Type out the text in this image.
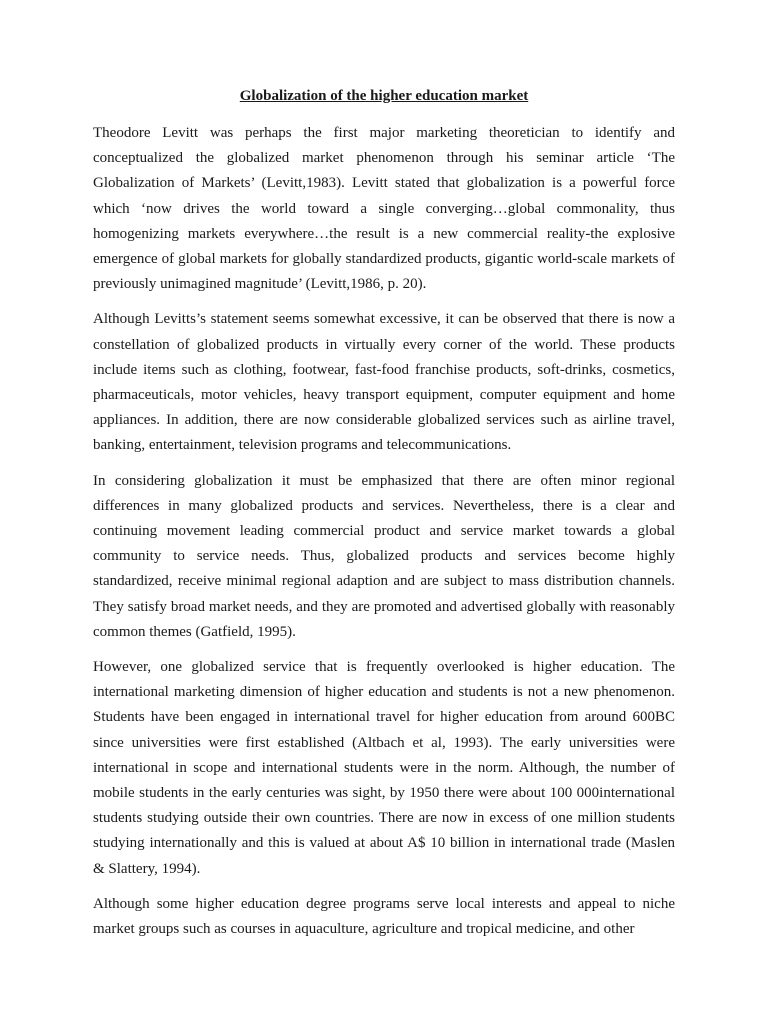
Globalization of the higher education market

Theodore Levitt was perhaps the first major marketing theoretician to identify and conceptualized the globalized market phenomenon through his seminar article ‘The Globalization of Markets’ (Levitt,1983). Levitt stated that globalization is a powerful force which ‘now drives the world toward a single converging…global commonality, thus homogenizing markets everywhere…the result is a new commercial reality-the explosive emergence of global markets for globally standardized products, gigantic world-scale markets of previously unimagined magnitude’ (Levitt,1986, p. 20).

Although Levitts’s statement seems somewhat excessive, it can be observed that there is now a constellation of globalized products in virtually every corner of the world. These products include items such as clothing, footwear, fast-food franchise products, soft-drinks, cosmetics, pharmaceuticals, motor vehicles, heavy transport equipment, computer equipment and home appliances. In addition, there are now considerable globalized services such as airline travel, banking, entertainment, television programs and telecommunications.

In considering globalization it must be emphasized that there are often minor regional differences in many globalized products and services. Nevertheless, there is a clear and continuing movement leading commercial product and service market towards a global community to service needs. Thus, globalized products and services become highly standardized, receive minimal regional adaption and are subject to mass distribution channels. They satisfy broad market needs, and they are promoted and advertised globally with reasonably common themes (Gatfield, 1995).

However, one globalized service that is frequently overlooked is higher education. The international marketing dimension of higher education and students is not a new phenomenon. Students have been engaged in international travel for higher education from around 600BC since universities were first established (Altbach et al, 1993). The early universities were international in scope and international students were in the norm. Although, the number of mobile students in the early centuries was sight, by 1950 there were about 100 000international students studying outside their own countries. There are now in excess of one million students studying internationally and this is valued at about A$ 10 billion in international trade (Maslen & Slattery, 1994).

Although some higher education degree programs serve local interests and appeal to niche market groups such as courses in aquaculture, agriculture and tropical medicine, and other
